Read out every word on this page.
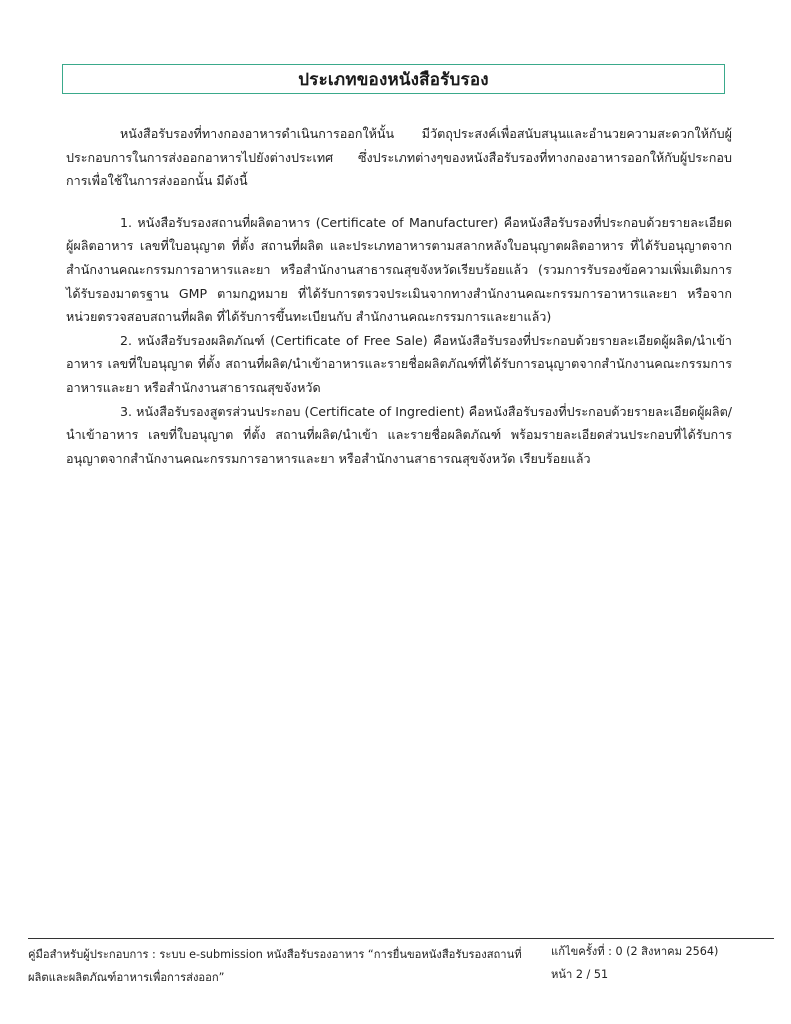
ประเภทของหนังสือรับรอง

หนังสือรับรองที่ทางกองอาหารดำเนินการออกให้นั้น มีวัตถุประสงค์เพื่อสนับสนุนและอำนวยความสะดวกให้กับผู้ประกอบการในการส่งออกอาหารไปยังต่างประเทศ ซึ่งประเภทต่างๆของหนังสือรับรองที่ทางกองอาหารออกให้กับผู้ประกอบการเพื่อใช้ในการส่งออกนั้น มีดังนี้

1. หนังสือรับรองสถานที่ผลิตอาหาร (Certificate of Manufacturer) คือหนังสือรับรองที่ประกอบด้วยรายละเอียดผู้ผลิตอาหาร เลขที่ใบอนุญาต ที่ตั้ง สถานที่ผลิต และประเภทอาหารตามสลากหลังใบอนุญาตผลิตอาหาร ที่ได้รับอนุญาตจากสำนักงานคณะกรรมการอาหารและยา หรือสำนักงานสาธารณสุขจังหวัดเรียบร้อยแล้ว (รวมการรับรองข้อความเพิ่มเติมการได้รับรองมาตรฐาน GMP ตามกฎหมาย ที่ได้รับการตรวจประเมินจากทางสำนักงานคณะกรรมการอาหารและยา หรือจากหน่วยตรวจสอบสถานที่ผลิต ที่ได้รับการขึ้นทะเบียนกับ สำนักงานคณะกรรมการและยาแล้ว)

2. หนังสือรับรองผลิตภัณฑ์ (Certificate of Free Sale) คือหนังสือรับรองที่ประกอบด้วยรายละเอียดผู้ผลิต/นำเข้าอาหาร เลขที่ใบอนุญาต ที่ตั้ง สถานที่ผลิต/นำเข้าอาหารและรายชื่อผลิตภัณฑ์ที่ได้รับการอนุญาตจากสำนักงานคณะกรรมการอาหารและยา หรือสำนักงานสาธารณสุขจังหวัด

3. หนังสือรับรองสูตรส่วนประกอบ (Certificate of Ingredient) คือหนังสือรับรองที่ประกอบด้วยรายละเอียดผู้ผลิต/นำเข้าอาหาร เลขที่ใบอนุญาต ที่ตั้ง สถานที่ผลิต/นำเข้า และรายชื่อผลิตภัณฑ์ พร้อมรายละเอียดส่วนประกอบที่ได้รับการอนุญาตจากสำนักงานคณะกรรมการอาหารและยา หรือสำนักงานสาธารณสุขจังหวัด เรียบร้อยแล้ว

คู่มือสำหรับผู้ประกอบการ : ระบบ e-submission หนังสือรับรองอาหาร “การยื่นขอหนังสือรับรองสถานที่
ผลิตและผลิตภัณฑ์อาหารเพื่อการส่งออก”
แก้ไขครั้งที่ : 0 (2 สิงหาคม 2564)
หน้า 2 / 51
